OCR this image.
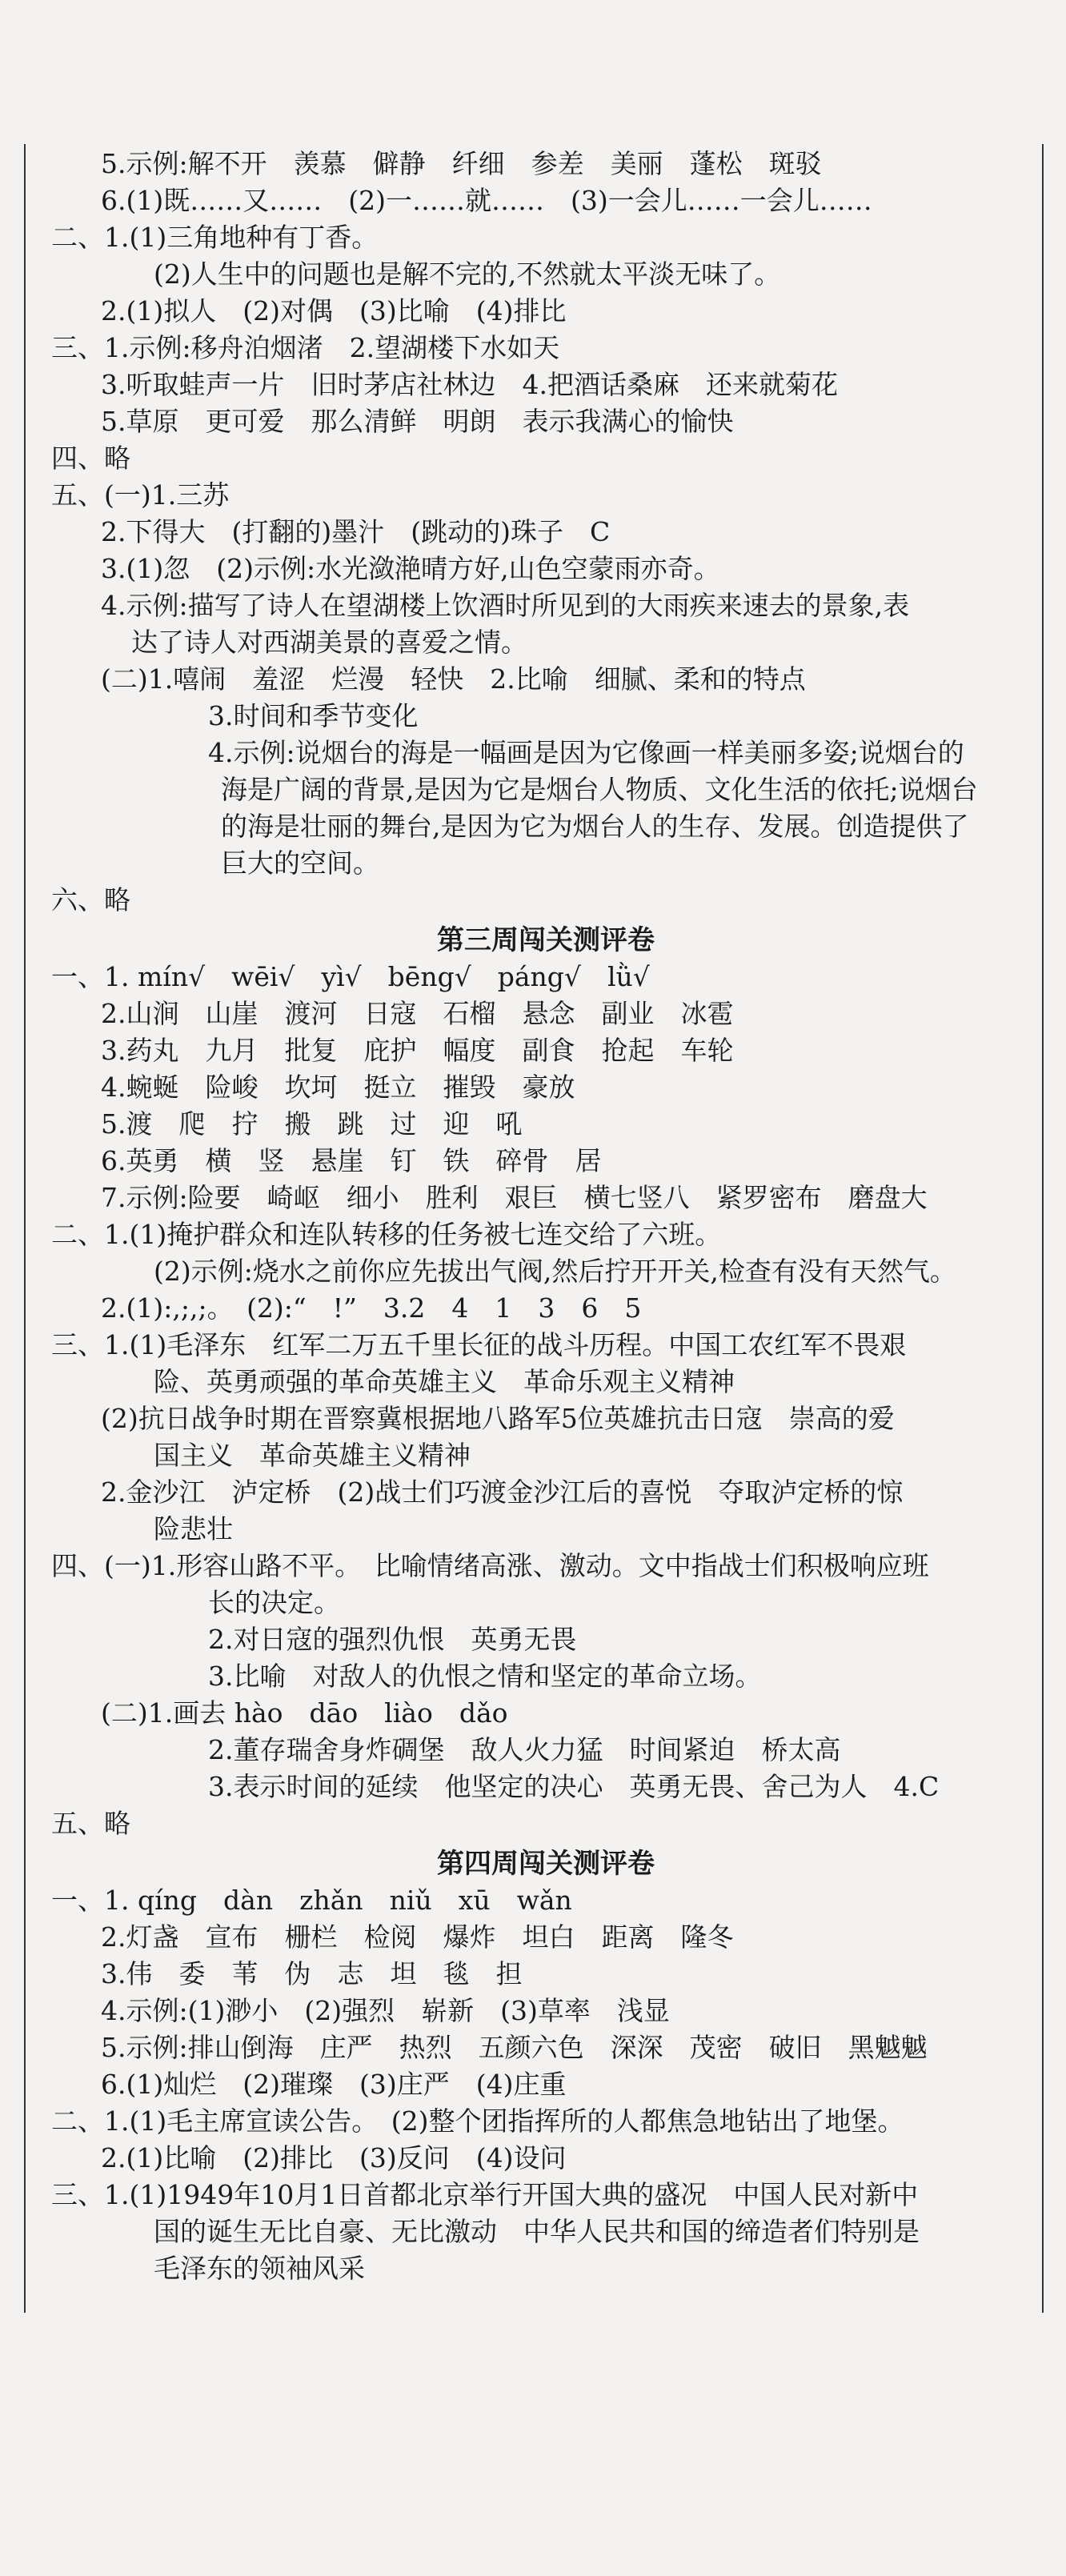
5.示例:解不开　羡慕　僻静　纤细　参差　美丽　蓬松　斑驳
6.(1)既……又……　(2)一……就……　(3)一会儿……一会儿……
二、1.(1)三角地种有丁香。
(2)人生中的问题也是解不完的,不然就太平淡无味了。
2.(1)拟人　(2)对偶　(3)比喻　(4)排比
三、1.示例:移舟泊烟渚　2.望湖楼下水如天
3.听取蛙声一片　旧时茅店社林边　4.把酒话桑麻　还来就菊花
5.草原　更可爱　那么清鲜　明朗　表示我满心的愉快
四、略
五、(一)1.三苏
2.下得大　(打翻的)墨汁　(跳动的)珠子　C
3.(1)忽　(2)示例:水光潋滟晴方好,山色空蒙雨亦奇。
4.示例:描写了诗人在望湖楼上饮酒时所见到的大雨疾来速去的景象,表
达了诗人对西湖美景的喜爱之情。
(二)1.嘻闹　羞涩　烂漫　轻快　2.比喻　细腻、柔和的特点
3.时间和季节变化
4.示例:说烟台的海是一幅画是因为它像画一样美丽多姿;说烟台的
海是广阔的背景,是因为它是烟台人物质、文化生活的依托;说烟台
的海是壮丽的舞台,是因为它为烟台人的生存、发展。创造提供了
巨大的空间。
六、略
第三周闯关测评卷
一、1. mín√　wēi√　yì√　bēng√　páng√　lǜ√
2.山涧　山崖　渡河　日寇　石榴　悬念　副业　冰雹
3.药丸　九月　批复　庇护　幅度　副食　抢起　车轮
4.蜿蜒　险峻　坎坷　挺立　摧毁　豪放
5.渡　爬　拧　搬　跳　过　迎　吼
6.英勇　横　竖　悬崖　钉　铁　碎骨　居
7.示例:险要　崎岖　细小　胜利　艰巨　横七竖八　紧罗密布　磨盘大
二、1.(1)掩护群众和连队转移的任务被七连交给了六班。
(2)示例:烧水之前你应先拔出气阀,然后拧开开关,检查有没有天然气。
2.(1):,;,;。　(2):“　!”　3.2　4　1　3　6　5
三、1.(1)毛泽东　红军二万五千里长征的战斗历程。中国工农红军不畏艰
险、英勇顽强的革命英雄主义　革命乐观主义精神
(2)抗日战争时期在晋察冀根据地八路军5位英雄抗击日寇　崇高的爱
国主义　革命英雄主义精神
2.金沙江　泸定桥　(2)战士们巧渡金沙江后的喜悦　夺取泸定桥的惊
险悲壮
四、(一)1.形容山路不平。　比喻情绪高涨、激动。文中指战士们积极响应班
长的决定。
2.对日寇的强烈仇恨　英勇无畏
3.比喻　对敌人的仇恨之情和坚定的革命立场。
(二)1.画去 hào　dāo　liào　dǎo
2.董存瑞舍身炸碉堡　敌人火力猛　时间紧迫　桥太高
3.表示时间的延续　他坚定的决心　英勇无畏、舍己为人　4.C
五、略
第四周闯关测评卷
一、1. qíng　dàn　zhǎn　niǔ　xū　wǎn
2.灯盏　宣布　栅栏　检阅　爆炸　坦白　距离　隆冬
3.伟　委　苇　伪　志　坦　毯　担
4.示例:(1)渺小　(2)强烈　崭新　(3)草率　浅显
5.示例:排山倒海　庄严　热烈　五颜六色　深深　茂密　破旧　黑魆魆
6.(1)灿烂　(2)璀璨　(3)庄严　(4)庄重
二、1.(1)毛主席宣读公告。　(2)整个团指挥所的人都焦急地钻出了地堡。
2.(1)比喻　(2)排比　(3)反问　(4)设问
三、1.(1)1949年10月1日首都北京举行开国大典的盛况　中国人民对新中
国的诞生无比自豪、无比激动　中华人民共和国的缔造者们特别是
毛泽东的领袖风采
